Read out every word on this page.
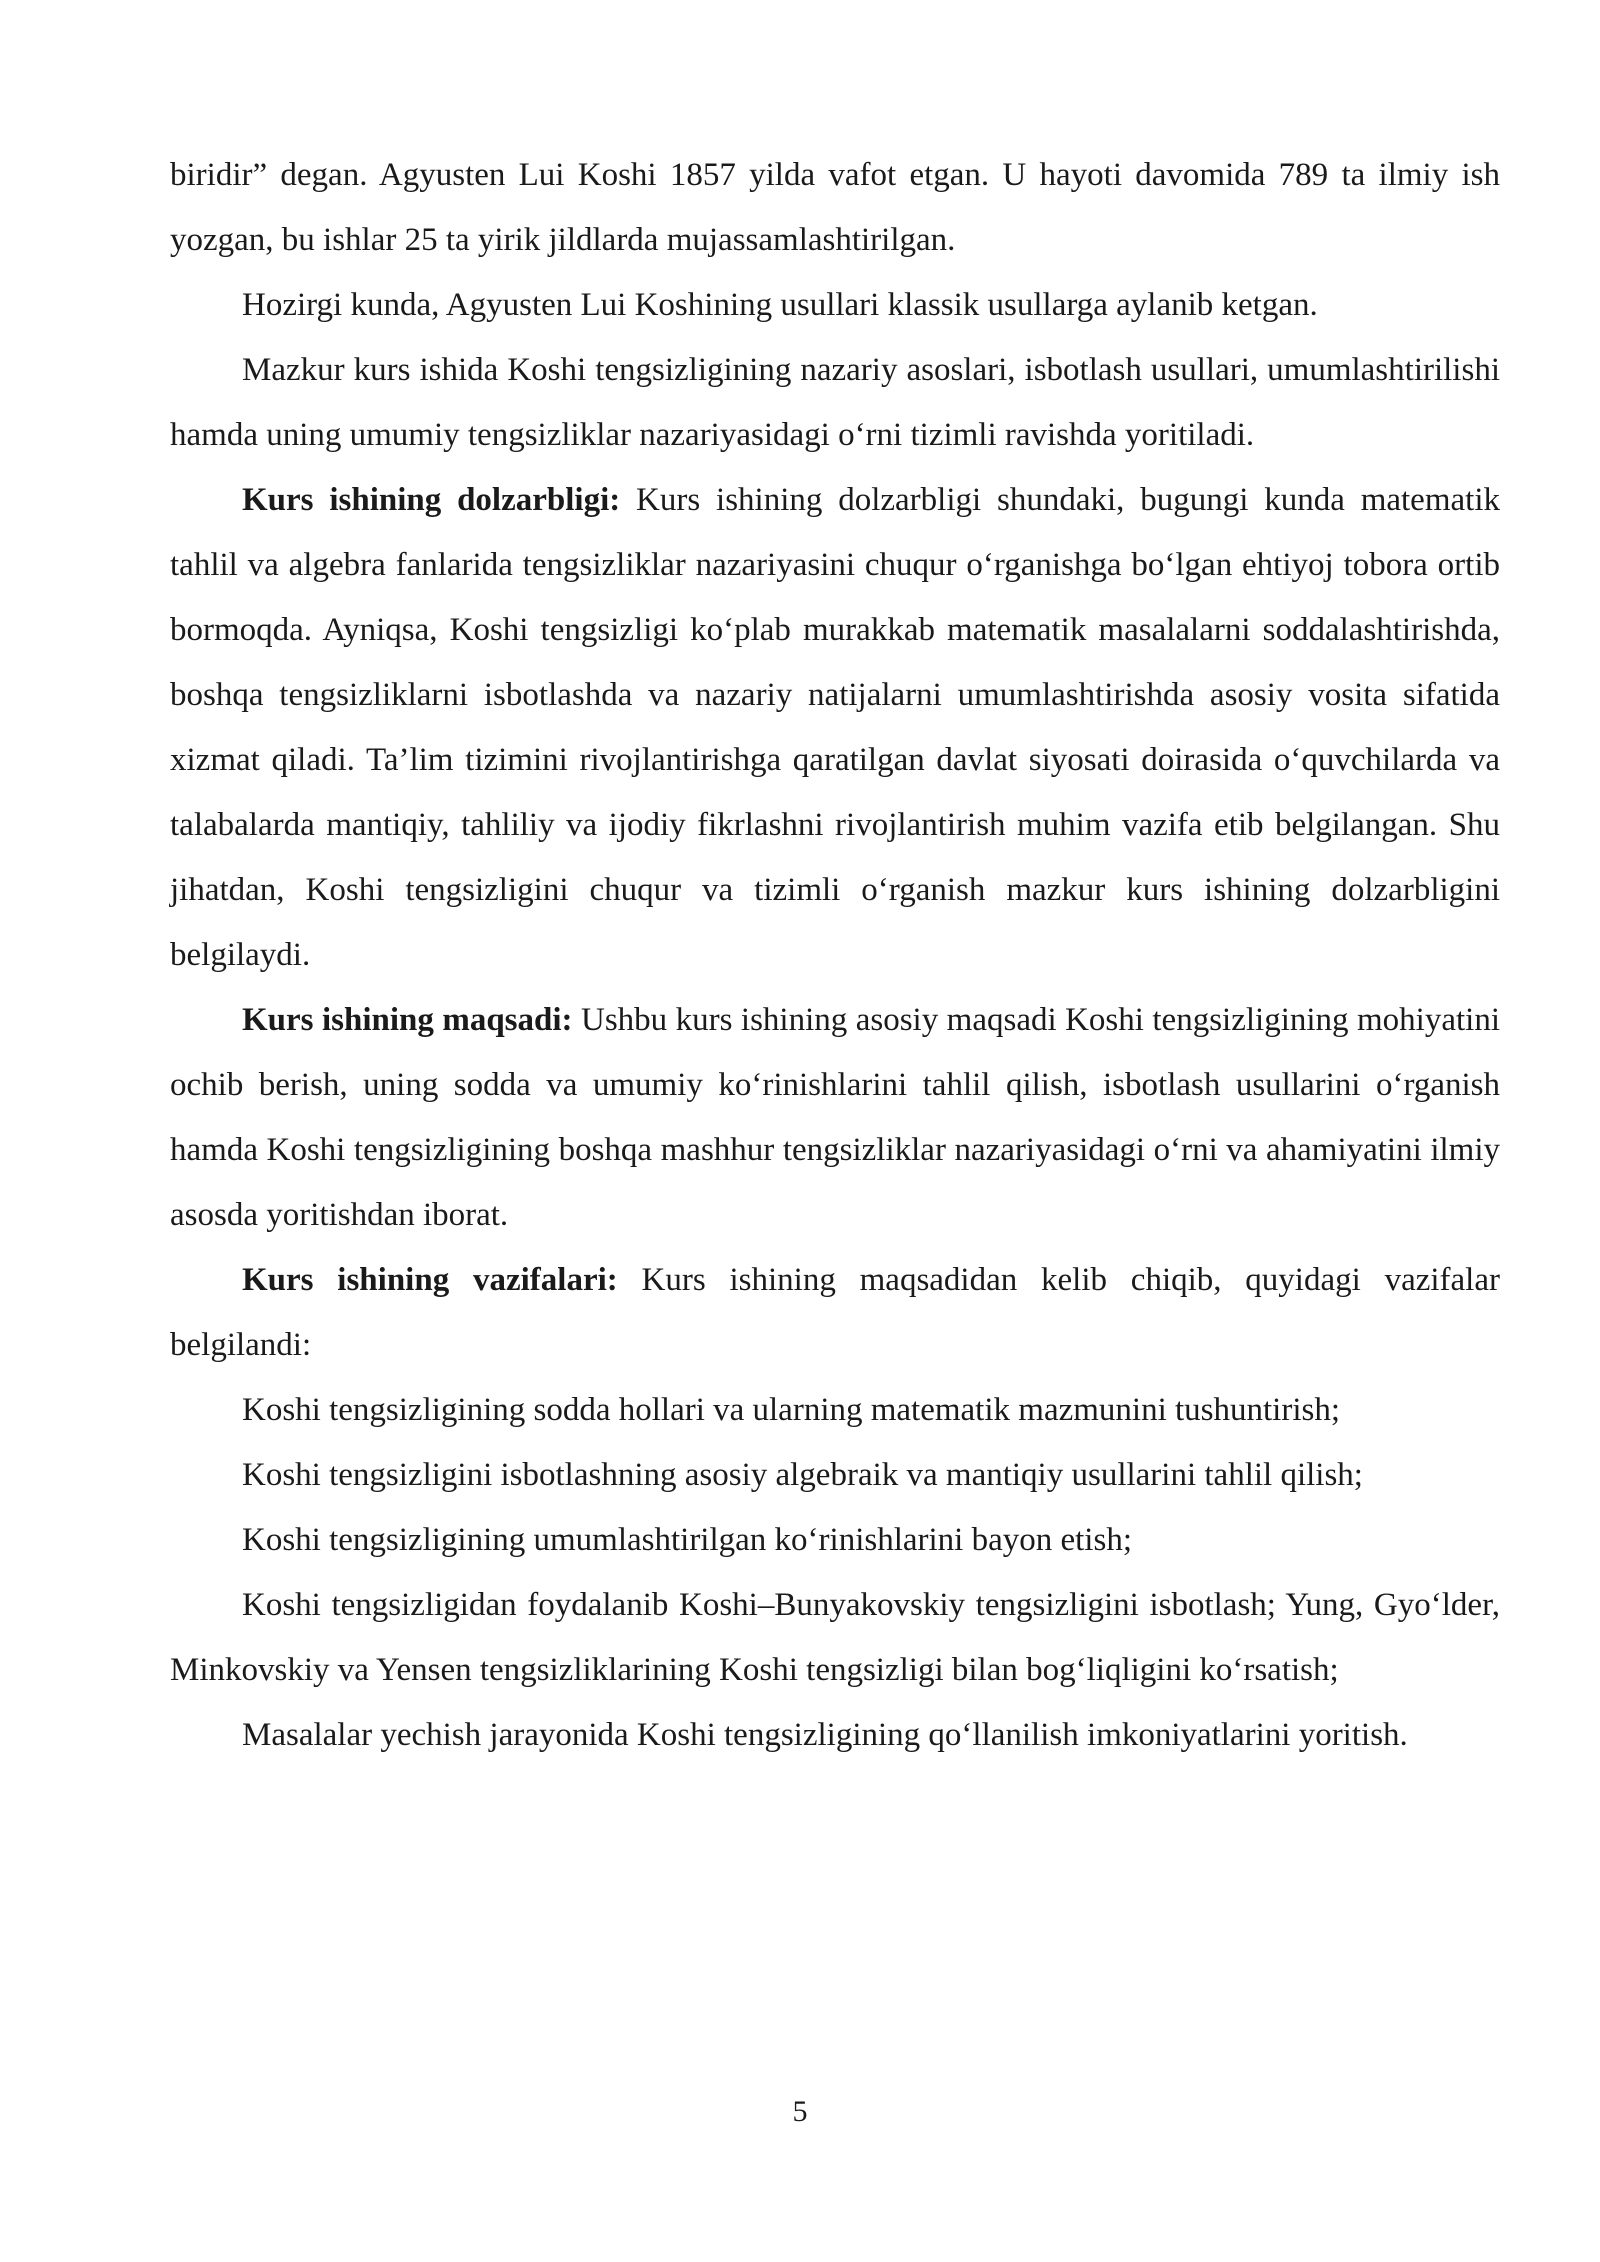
biridir” degan. Agyusten Lui Koshi 1857 yilda vafot etgan. U hayoti davomida 789 ta ilmiy ish yozgan, bu ishlar 25 ta yirik jildlarda mujassamlashtirilgan.

Hozirgi kunda, Agyusten Lui Koshining usullari klassik usullarga aylanib ketgan.

Mazkur kurs ishida Koshi tengsizligining nazariy asoslari, isbotlash usullari, umumlashtirilishi hamda uning umumiy tengsizliklar nazariyasidagi o‘rni tizimli ravishda yoritiladi.

Kurs ishining dolzarbligi: Kurs ishining dolzarbligi shundaki, bugungi kunda matematik tahlil va algebra fanlarida tengsizliklar nazariyasini chuqur o‘rganishga bo‘lgan ehtiyoj tobora ortib bormoqda. Ayniqsa, Koshi tengsizligi ko‘plab murakkab matematik masalalarni soddalashtirishda, boshqa tengsizliklarni isbotlashda va nazariy natijalarni umumlashtirishda asosiy vosita sifatida xizmat qiladi. Ta’lim tizimini rivojlantirishga qaratilgan davlat siyosati doirasida o‘quvchilarda va talabalarda mantiqiy, tahliliy va ijodiy fikrlashni rivojlantirish muhim vazifa etib belgilangan. Shu jihatdan, Koshi tengsizligini chuqur va tizimli o‘rganish mazkur kurs ishining dolzarbligini belgilaydi.

Kurs ishining maqsadi: Ushbu kurs ishining asosiy maqsadi Koshi tengsizligining mohiyatini ochib berish, uning sodda va umumiy ko‘rinishlarini tahlil qilish, isbotlash usullarini o‘rganish hamda Koshi tengsizligining boshqa mashhur tengsizliklar nazariyasidagi o‘rni va ahamiyatini ilmiy asosda yoritishdan iborat.

Kurs ishining vazifalari: Kurs ishining maqsadidan kelib chiqib, quyidagi vazifalar belgilandi:

Koshi tengsizligining sodda hollari va ularning matematik mazmunini tushuntirish;

Koshi tengsizligini isbotlashning asosiy algebraik va mantiqiy usullarini tahlil qilish;

Koshi tengsizligining umumlashtirilgan ko‘rinishlarini bayon etish;

Koshi tengsizligidan foydalanib Koshi–Bunyakovskiy tengsizligini isbotlash; Yung, Gyo‘lder, Minkovskiy va Yensen tengsizliklarining Koshi tengsizligi bilan bog‘liqligini ko‘rsatish;

Masalalar yechish jarayonida Koshi tengsizligining qo‘llanilish imkoniyatlarini yoritish.

5
